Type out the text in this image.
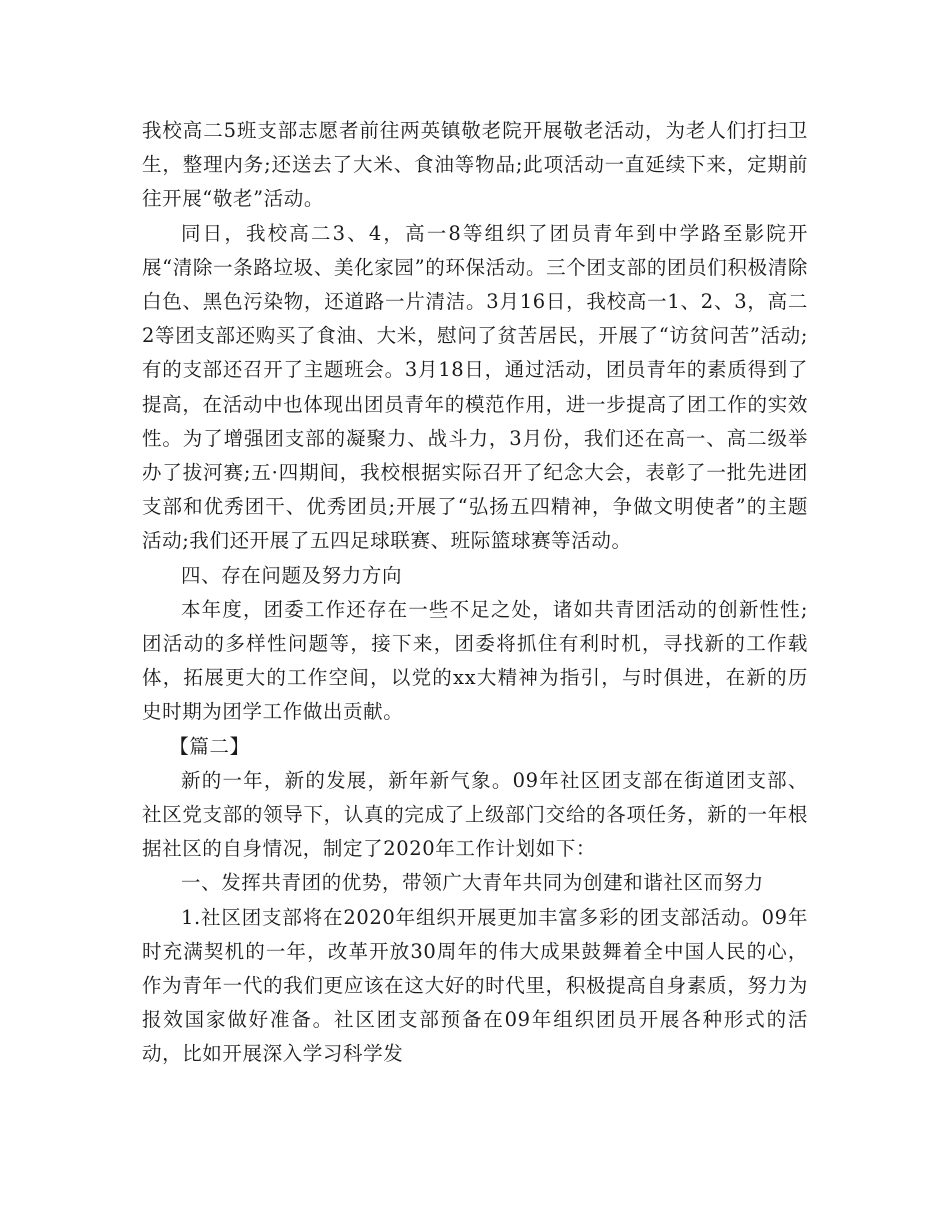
我校高二5班支部志愿者前往两英镇敬老院开展敬老活动，为老人们打扫卫生，整理内务;还送去了大米、食油等物品;此项活动一直延续下来，定期前往开展“敬老”活动。

同日，我校高二3、4，高一8等组织了团员青年到中学路至影院开展“清除一条路垃圾、美化家园”的环保活动。三个团支部的团员们积极清除白色、黑色污染物，还道路一片清洁。3月16日，我校高一1、2、3，高二2等团支部还购买了食油、大米，慰问了贫苦居民，开展了“访贫问苦”活动;有的支部还召开了主题班会。3月18日，通过活动，团员青年的素质得到了提高，在活动中也体现出团员青年的模范作用，进一步提高了团工作的实效性。为了增强团支部的凝聚力、战斗力，3月份，我们还在高一、高二级举办了拔河赛;五·四期间，我校根据实际召开了纪念大会，表彰了一批先进团支部和优秀团干、优秀团员;开展了“弘扬五四精神，争做文明使者”的主题活动;我们还开展了五四足球联赛、班际篮球赛等活动。

四、存在问题及努力方向

本年度，团委工作还存在一些不足之处，诸如共青团活动的创新性性;团活动的多样性问题等，接下来，团委将抓住有利时机，寻找新的工作载体，拓展更大的工作空间，以党的xx大精神为指引，与时俱进，在新的历史时期为团学工作做出贡献。

【篇二】

新的一年，新的发展，新年新气象。09年社区团支部在街道团支部、社区党支部的领导下，认真的完成了上级部门交给的各项任务，新的一年根据社区的自身情况，制定了2020年工作计划如下：

一、发挥共青团的优势，带领广大青年共同为创建和谐社区而努力

1.社区团支部将在2020年组织开展更加丰富多彩的团支部活动。09年时充满契机的一年，改革开放30周年的伟大成果鼓舞着全中国人民的心，作为青年一代的我们更应该在这大好的时代里，积极提高自身素质，努力为报效国家做好准备。社区团支部预备在09年组织团员开展各种形式的活动，比如开展深入学习科学发
